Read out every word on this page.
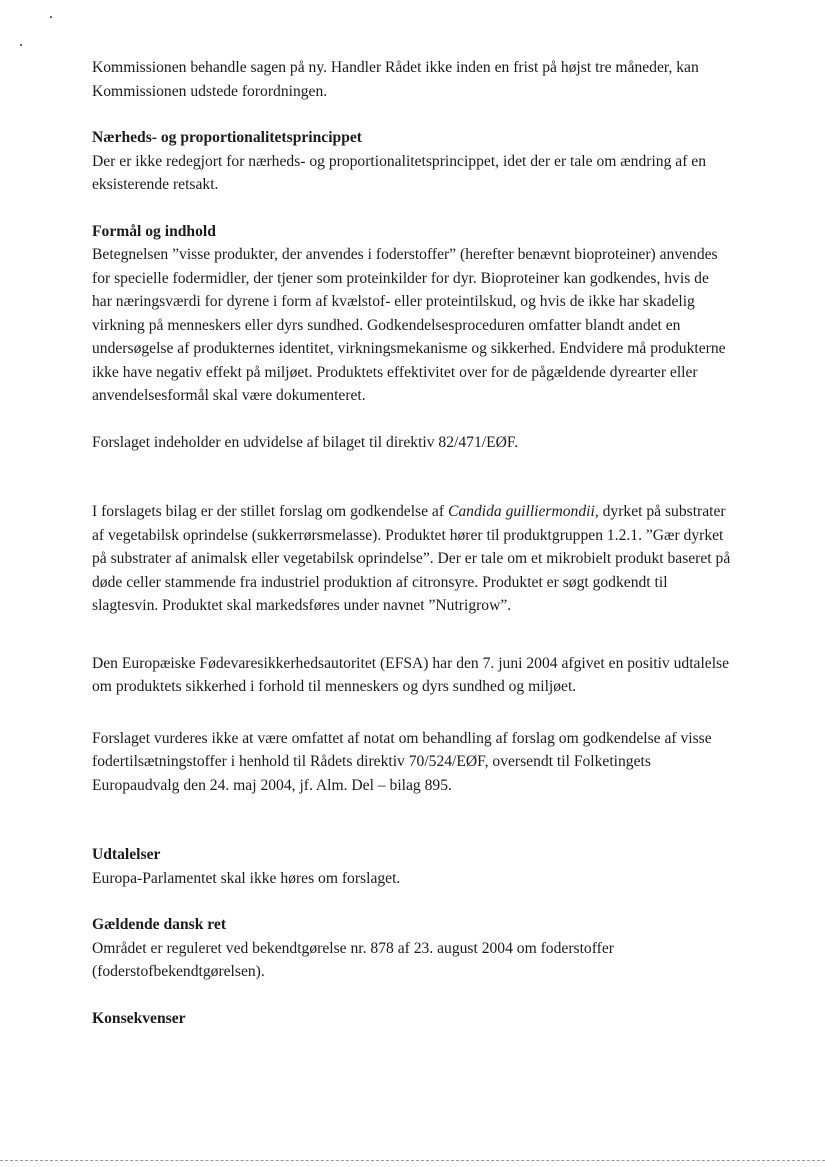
Kommissionen behandle sagen på ny. Handler Rådet ikke inden en frist på højst tre måneder, kan Kommissionen udstede forordningen.

Nærheds- og proportionalitetsprincippet

Der er ikke redegjort for nærheds- og proportionalitetsprincippet, idet der er tale om ændring af en eksisterende retsakt.

Formål og indhold

Betegnelsen ”visse produkter, der anvendes i foderstoffer” (herefter benævnt bioproteiner) anvendes for specielle fodermidler, der tjener som proteinkilder for dyr. Bioproteiner kan godkendes, hvis de har næringsværdi for dyrene i form af kvælstof- eller proteintilskud, og hvis de ikke har skadelig virkning på menneskers eller dyrs sundhed. Godkendelsesproceduren omfatter blandt andet en undersøgelse af produkternes identitet, virkningsmekanisme og sikkerhed. Endvidere må produkterne ikke have negativ effekt på miljøet. Produktets effektivitet over for de pågældende dyrearter eller anvendelsesformål skal være dokumenteret.

Forslaget indeholder en udvidelse af bilaget til direktiv 82/471/EØF.

I forslagets bilag er der stillet forslag om godkendelse af Candida guilliermondii, dyrket på substrater af vegetabilsk oprindelse (sukkerrørsmelasse). Produktet hører til produktgruppen 1.2.1. ”Gær dyrket på substrater af animalsk eller vegetabilsk oprindelse”. Der er tale om et mikrobielt produkt baseret på døde celler stammende fra industriel produktion af citronsyre. Produktet er søgt godkendt til slagtesvin. Produktet skal markedsføres under navnet ”Nutrigrow”.

Den Europæiske Fødevaresikkerhedsautoritet (EFSA) har den 7. juni 2004 afgivet en positiv udtalelse om produktets sikkerhed i forhold til menneskers og dyrs sundhed og miljøet.

Forslaget vurderes ikke at være omfattet af notat om behandling af forslag om godkendelse af visse fodertilsætningstoffer i henhold til Rådets direktiv 70/524/EØF, oversendt til Folketingets Europaudvalg den 24. maj 2004, jf. Alm. Del – bilag 895.

Udtalelser

Europa-Parlamentet skal ikke høres om forslaget.

Gældende dansk ret

Området er reguleret ved bekendtgørelse nr. 878 af 23. august 2004 om foderstoffer (foderstofbekendtgørelsen).

Konsekvenser
